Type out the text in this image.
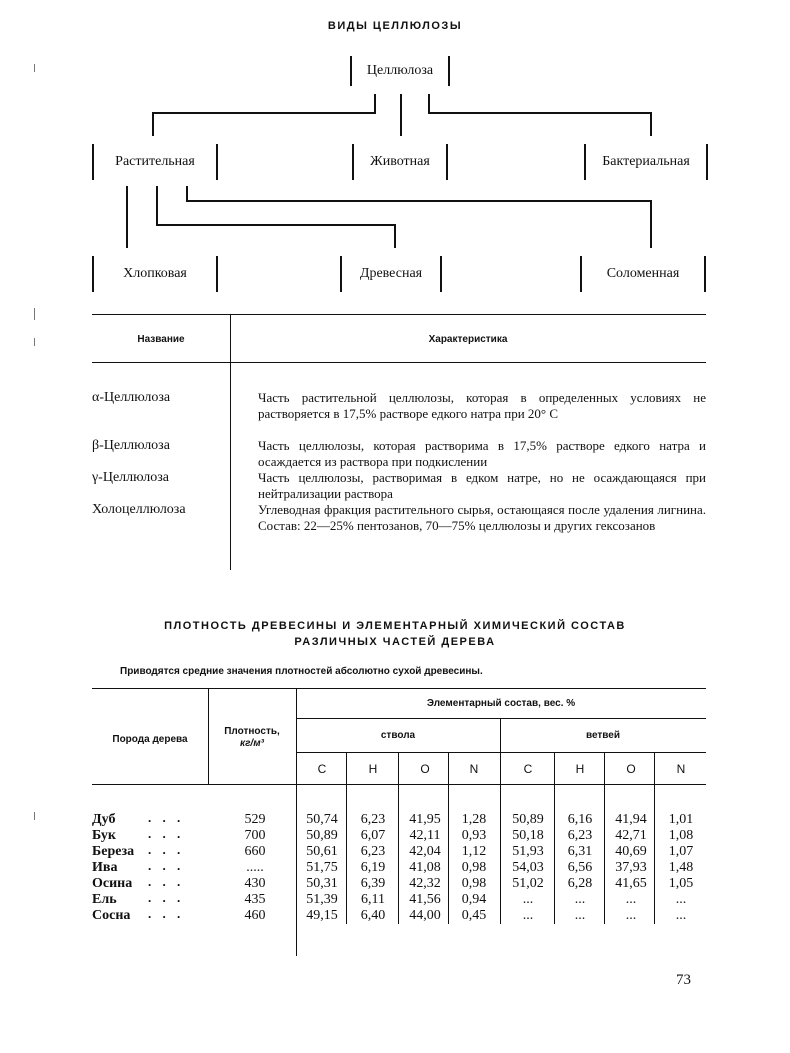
ВИДЫ ЦЕЛЛЮЛОЗЫ
Целлюлоза
Растительная	Животная	Бактериальная
Хлопковая	Древесная	Соломенная
Название	Характеристика
α-Целлюлоза	Часть растительной целлюлозы, которая в определенных условиях не растворяется в 17,5% растворе едкого натра при 20° С
β-Целлюлоза	Часть целлюлозы, которая растворима в 17,5% растворе едкого натра и осаждается из раствора при подкислении
γ-Целлюлоза	Часть целлюлозы, растворимая в едком натре, но не осаждающаяся при нейтрализации раствора
Холоцеллюлоза	Углеводная фракция растительного сырья, остающаяся после удаления лигнина. Состав: 22—25% пентозанов, 70—75% целлюлозы и других гексозанов
ПЛОТНОСТЬ ДРЕВЕСИНЫ И ЭЛЕМЕНТАРНЫЙ ХИМИЧЕСКИЙ СОСТАВ
РАЗЛИЧНЫХ ЧАСТЕЙ ДЕРЕВА
Приводятся средние значения плотностей абсолютно сухой древесины.
Порода дерева
Плотность,
кг/м³
Элементарный состав, вес. %
ствола	ветвей
C	H	O	N	C	H	O	N
Дуб	. . .	529	50,74	6,23	41,95	1,28	50,89	6,16	41,94	1,01
Бук . . .	700	50,89	6,07	42,11	0,93	50,18	6,23	42,71	1,08
Береза . . .	660	50,61	6,23	42,04	1,12	51,93	6,31	40,69	1,07
Ива . . .	.....	51,75	6,19	41,08	0,98	54,03	6,56	37,93	1,48
Осина . . .	430	50,31	6,39	42,32	0,98	51,02	6,28	41,65	1,05
Ель . . .	435	51,39	6,11	41,56	0,94	...	...	...	...
Сосна . . .	460	49,15	6,40	44,00	0,45	...	...	...	...
73
